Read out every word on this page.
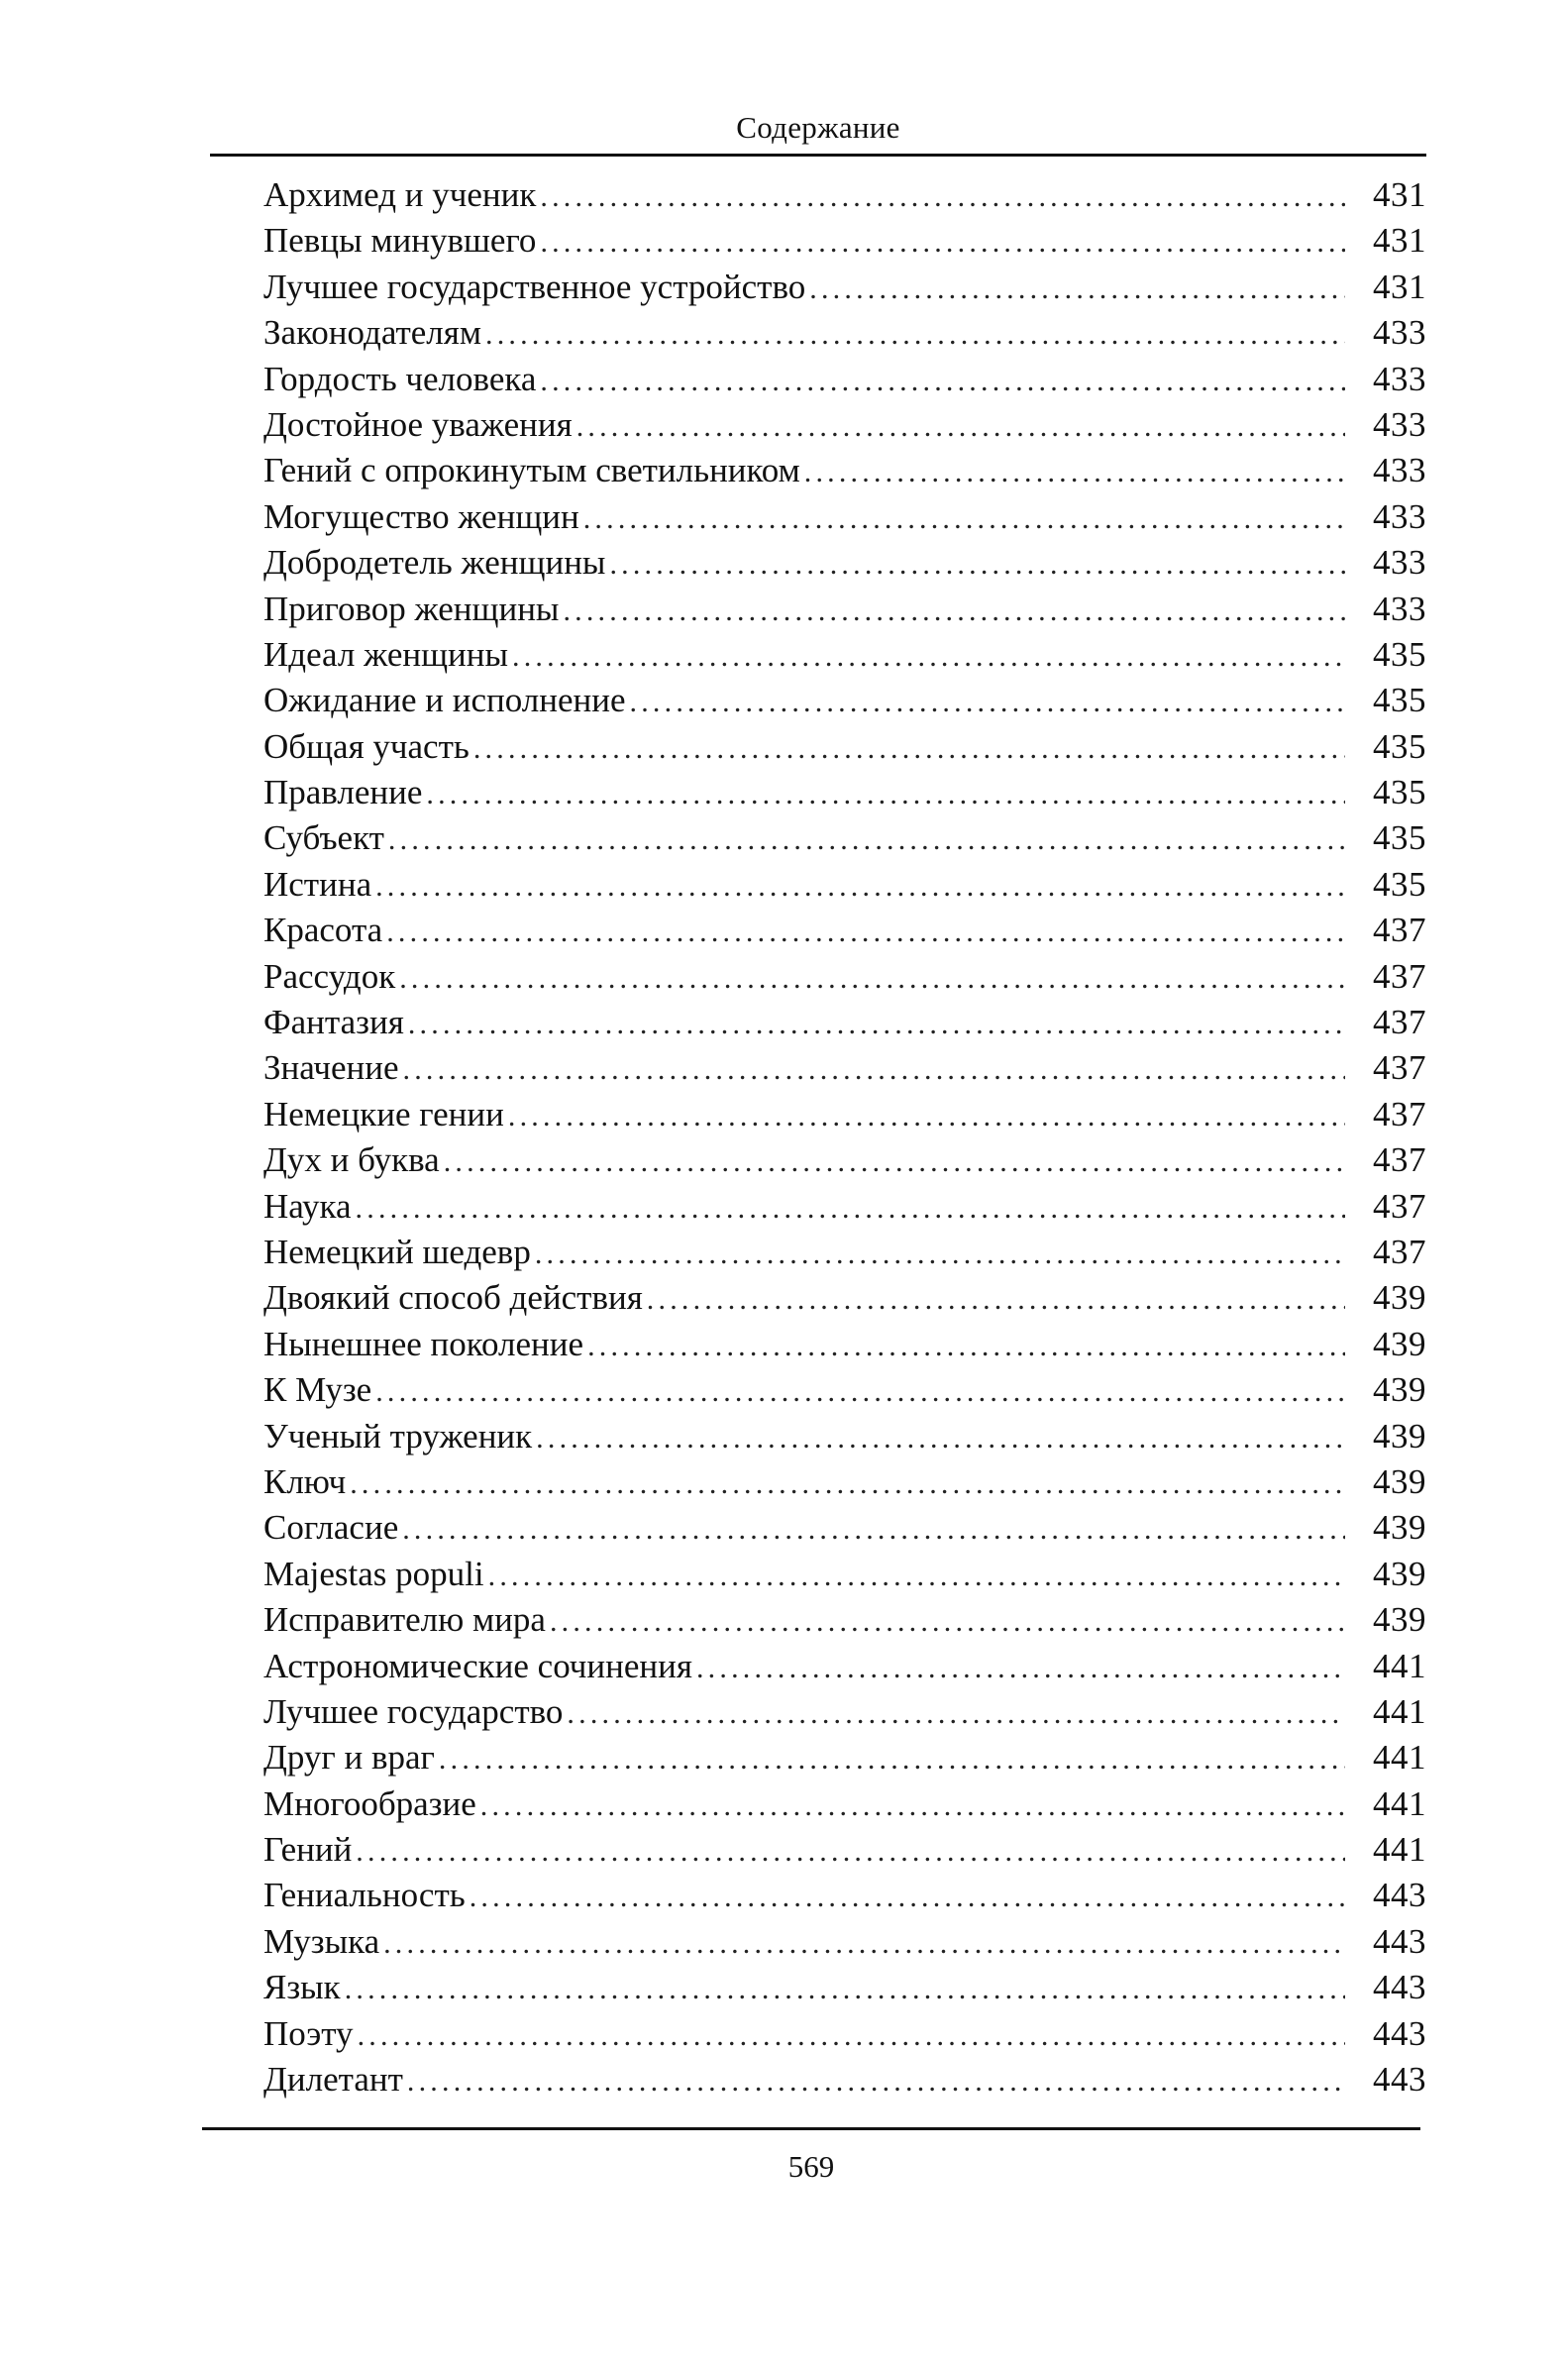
Содержание
Архимед и ученик .....	431
Певцы минувшего .....	431
Лучшее государственное устройство .....	431
Законодателям .....	433
Гордость человека .....	433
Достойное уважения .....	433
Гений с опрокинутым светильником .....	433
Могущество женщин .....	433
Добродетель женщины .....	433
Приговор женщины .....	433
Идеал женщины .....	435
Ожидание и исполнение .....	435
Общая участь .....	435
Правление .....	435
Субъект .....	435
Истина .....	435
Красота .....	437
Рассудок .....	437
Фантазия .....	437
Значение .....	437
Немецкие гении .....	437
Дух и буква .....	437
Наука .....	437
Немецкий шедевр .....	437
Двоякий способ действия .....	439
Нынешнее поколение .....	439
К Музе .....	439
Ученый труженик .....	439
Ключ .....	439
Согласие .....	439
Majestas populi .....	439
Исправителю мира .....	439
Астрономические сочинения .....	441
Лучшее государство .....	441
Друг и враг .....	441
Многообразие .....	441
Гений .....	441
Гениальность .....	443
Музыка .....	443
Язык .....	443
Поэту .....	443
Дилетант .....	443
569
